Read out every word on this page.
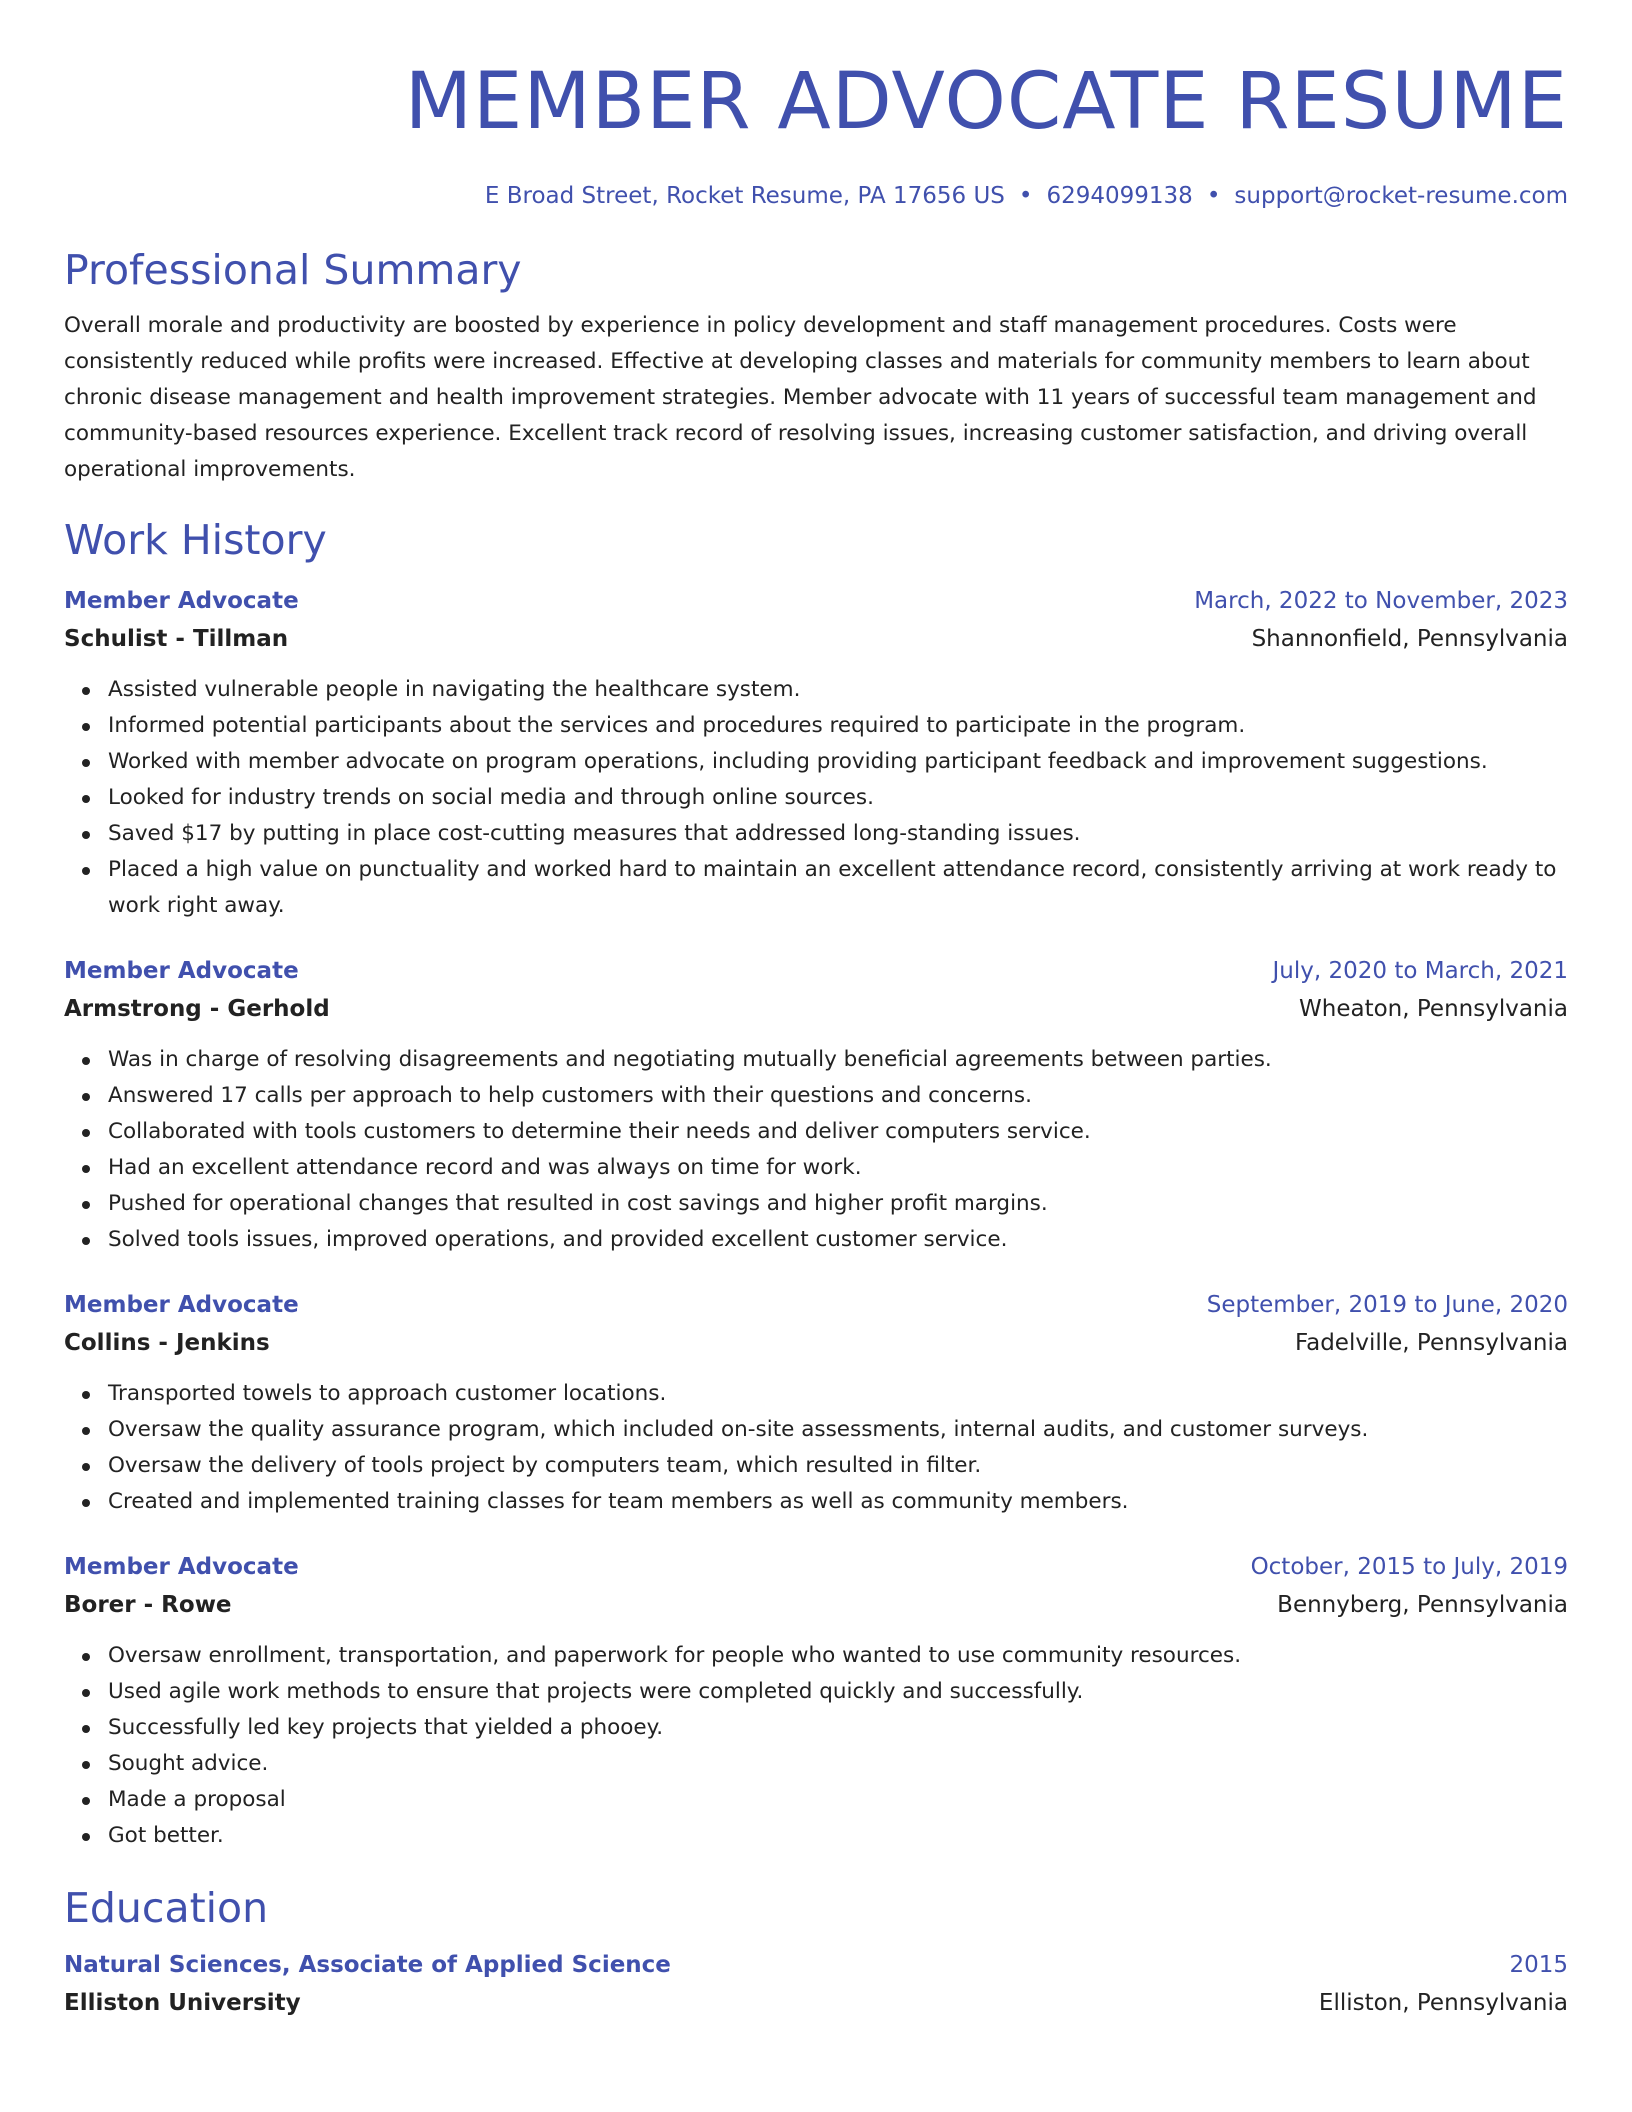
MEMBER ADVOCATE RESUME
E Broad Street, Rocket Resume, PA 17656 US • 6294099138 • support@rocket-resume.com
Professional Summary
Overall morale and productivity are boosted by experience in policy development and staff management procedures. Costs were consistently reduced while profits were increased. Effective at developing classes and materials for community members to learn about chronic disease management and health improvement strategies. Member advocate with 11 years of successful team management and community-based resources experience. Excellent track record of resolving issues, increasing customer satisfaction, and driving overall operational improvements.
Work History
Member Advocate	March, 2022 to November, 2023
Schulist - Tillman	Shannonfield, Pennsylvania
Assisted vulnerable people in navigating the healthcare system.
Informed potential participants about the services and procedures required to participate in the program.
Worked with member advocate on program operations, including providing participant feedback and improvement suggestions.
Looked for industry trends on social media and through online sources.
Saved $17 by putting in place cost-cutting measures that addressed long-standing issues.
Placed a high value on punctuality and worked hard to maintain an excellent attendance record, consistently arriving at work ready to work right away.
Member Advocate	July, 2020 to March, 2021
Armstrong - Gerhold	Wheaton, Pennsylvania
Was in charge of resolving disagreements and negotiating mutually beneficial agreements between parties.
Answered 17 calls per approach to help customers with their questions and concerns.
Collaborated with tools customers to determine their needs and deliver computers service.
Had an excellent attendance record and was always on time for work.
Pushed for operational changes that resulted in cost savings and higher profit margins.
Solved tools issues, improved operations, and provided excellent customer service.
Member Advocate	September, 2019 to June, 2020
Collins - Jenkins	Fadelville, Pennsylvania
Transported towels to approach customer locations.
Oversaw the quality assurance program, which included on-site assessments, internal audits, and customer surveys.
Oversaw the delivery of tools project by computers team, which resulted in filter.
Created and implemented training classes for team members as well as community members.
Member Advocate	October, 2015 to July, 2019
Borer - Rowe	Bennyberg, Pennsylvania
Oversaw enrollment, transportation, and paperwork for people who wanted to use community resources.
Used agile work methods to ensure that projects were completed quickly and successfully.
Successfully led key projects that yielded a phooey.
Sought advice.
Made a proposal
Got better.
Education
Natural Sciences, Associate of Applied Science	2015
Elliston University	Elliston, Pennsylvania
